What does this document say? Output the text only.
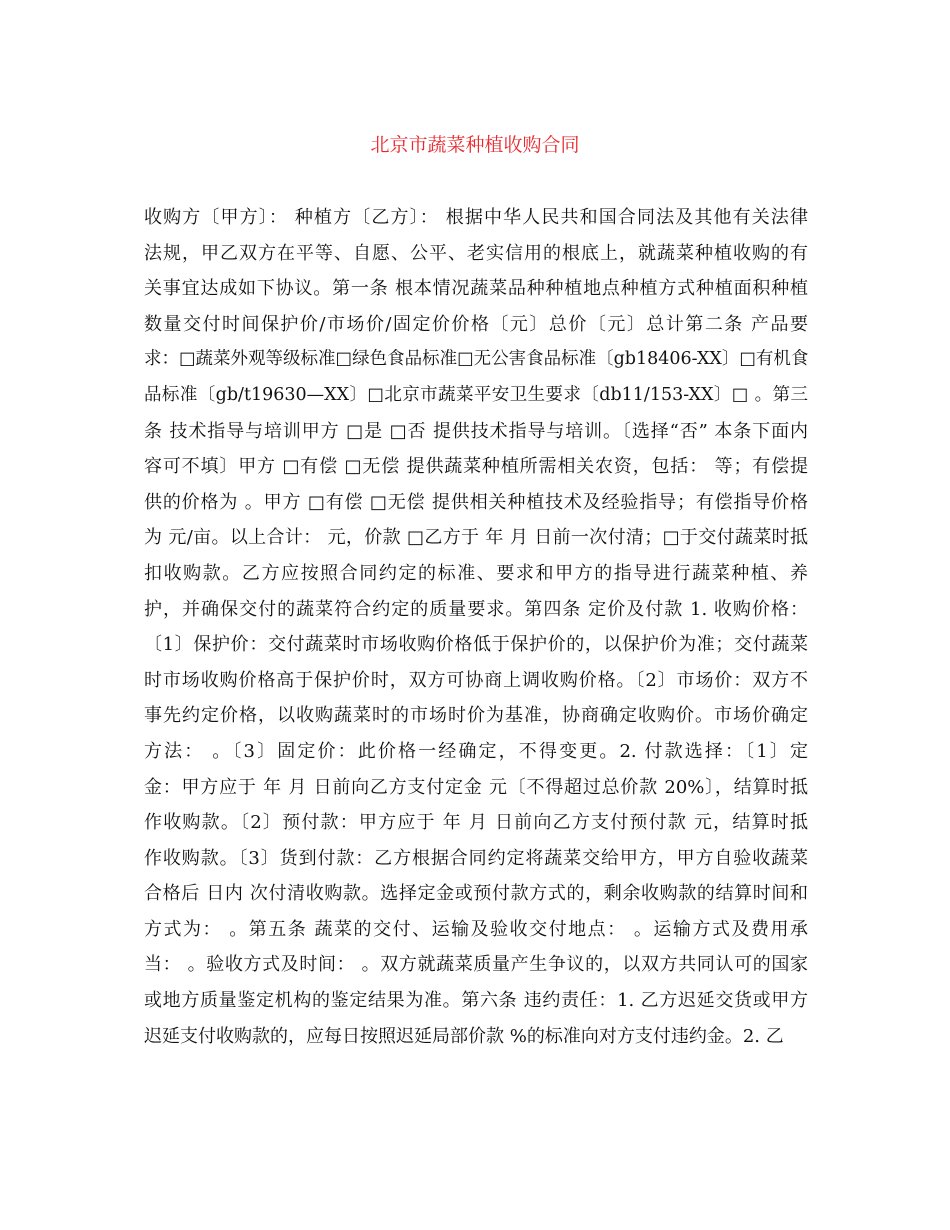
北京市蔬菜种植收购合同
收购方〔甲方〕： 种植方〔乙方〕： 根据中华人民共和国合同法及其他有关法律
法规，甲乙双方在平等、自愿、公平、老实信用的根底上，就蔬菜种植收购的有
关事宜达成如下协议。第一条 根本情况蔬菜品种种植地点种植方式种植面积种植
数量交付时间保护价/市场价/固定价价格〔元〕总价〔元〕总计第二条 产品要
求：□蔬菜外观等级标准□绿色食品标准□无公害食品标准〔gb18406-XX〕□有机食
品标准〔gb/t19630—XX〕□北京市蔬菜平安卫生要求〔db11/153-XX〕□ 。第三
条 技术指导与培训甲方 □是 □否 提供技术指导与培训。〔选择“否” 本条下面内
容可不填〕甲方 □有偿 □无偿 提供蔬菜种植所需相关农资，包括： 等；有偿提
供的价格为 。甲方 □有偿 □无偿 提供相关种植技术及经验指导；有偿指导价格
为 元/亩。以上合计： 元，价款 □乙方于 年 月 日前一次付清；□于交付蔬菜时抵
扣收购款。乙方应按照合同约定的标准、要求和甲方的指导进行蔬菜种植、养
护，并确保交付的蔬菜符合约定的质量要求。第四条 定价及付款 1. 收购价格：
〔1〕保护价：交付蔬菜时市场收购价格低于保护价的，以保护价为准；交付蔬菜
时市场收购价格高于保护价时，双方可协商上调收购价格。〔2〕市场价：双方不
事先约定价格，以收购蔬菜时的市场时价为基准，协商确定收购价。市场价确定
方法： 。〔3〕固定价：此价格一经确定，不得变更。2. 付款选择：〔1〕定
金：甲方应于 年 月 日前向乙方支付定金 元〔不得超过总价款 20%〕，结算时抵
作收购款。〔2〕预付款：甲方应于 年 月 日前向乙方支付预付款 元，结算时抵
作收购款。〔3〕货到付款：乙方根据合同约定将蔬菜交给甲方，甲方自验收蔬菜
合格后 日内 次付清收购款。选择定金或预付款方式的，剩余收购款的结算时间和
方式为： 。第五条 蔬菜的交付、运输及验收交付地点： 。运输方式及费用承
当： 。验收方式及时间： 。双方就蔬菜质量产生争议的，以双方共同认可的国家
或地方质量鉴定机构的鉴定结果为准。第六条 违约责任：1. 乙方迟延交货或甲方
迟延支付收购款的，应每日按照迟延局部价款 %的标准向对方支付违约金。2. 乙
